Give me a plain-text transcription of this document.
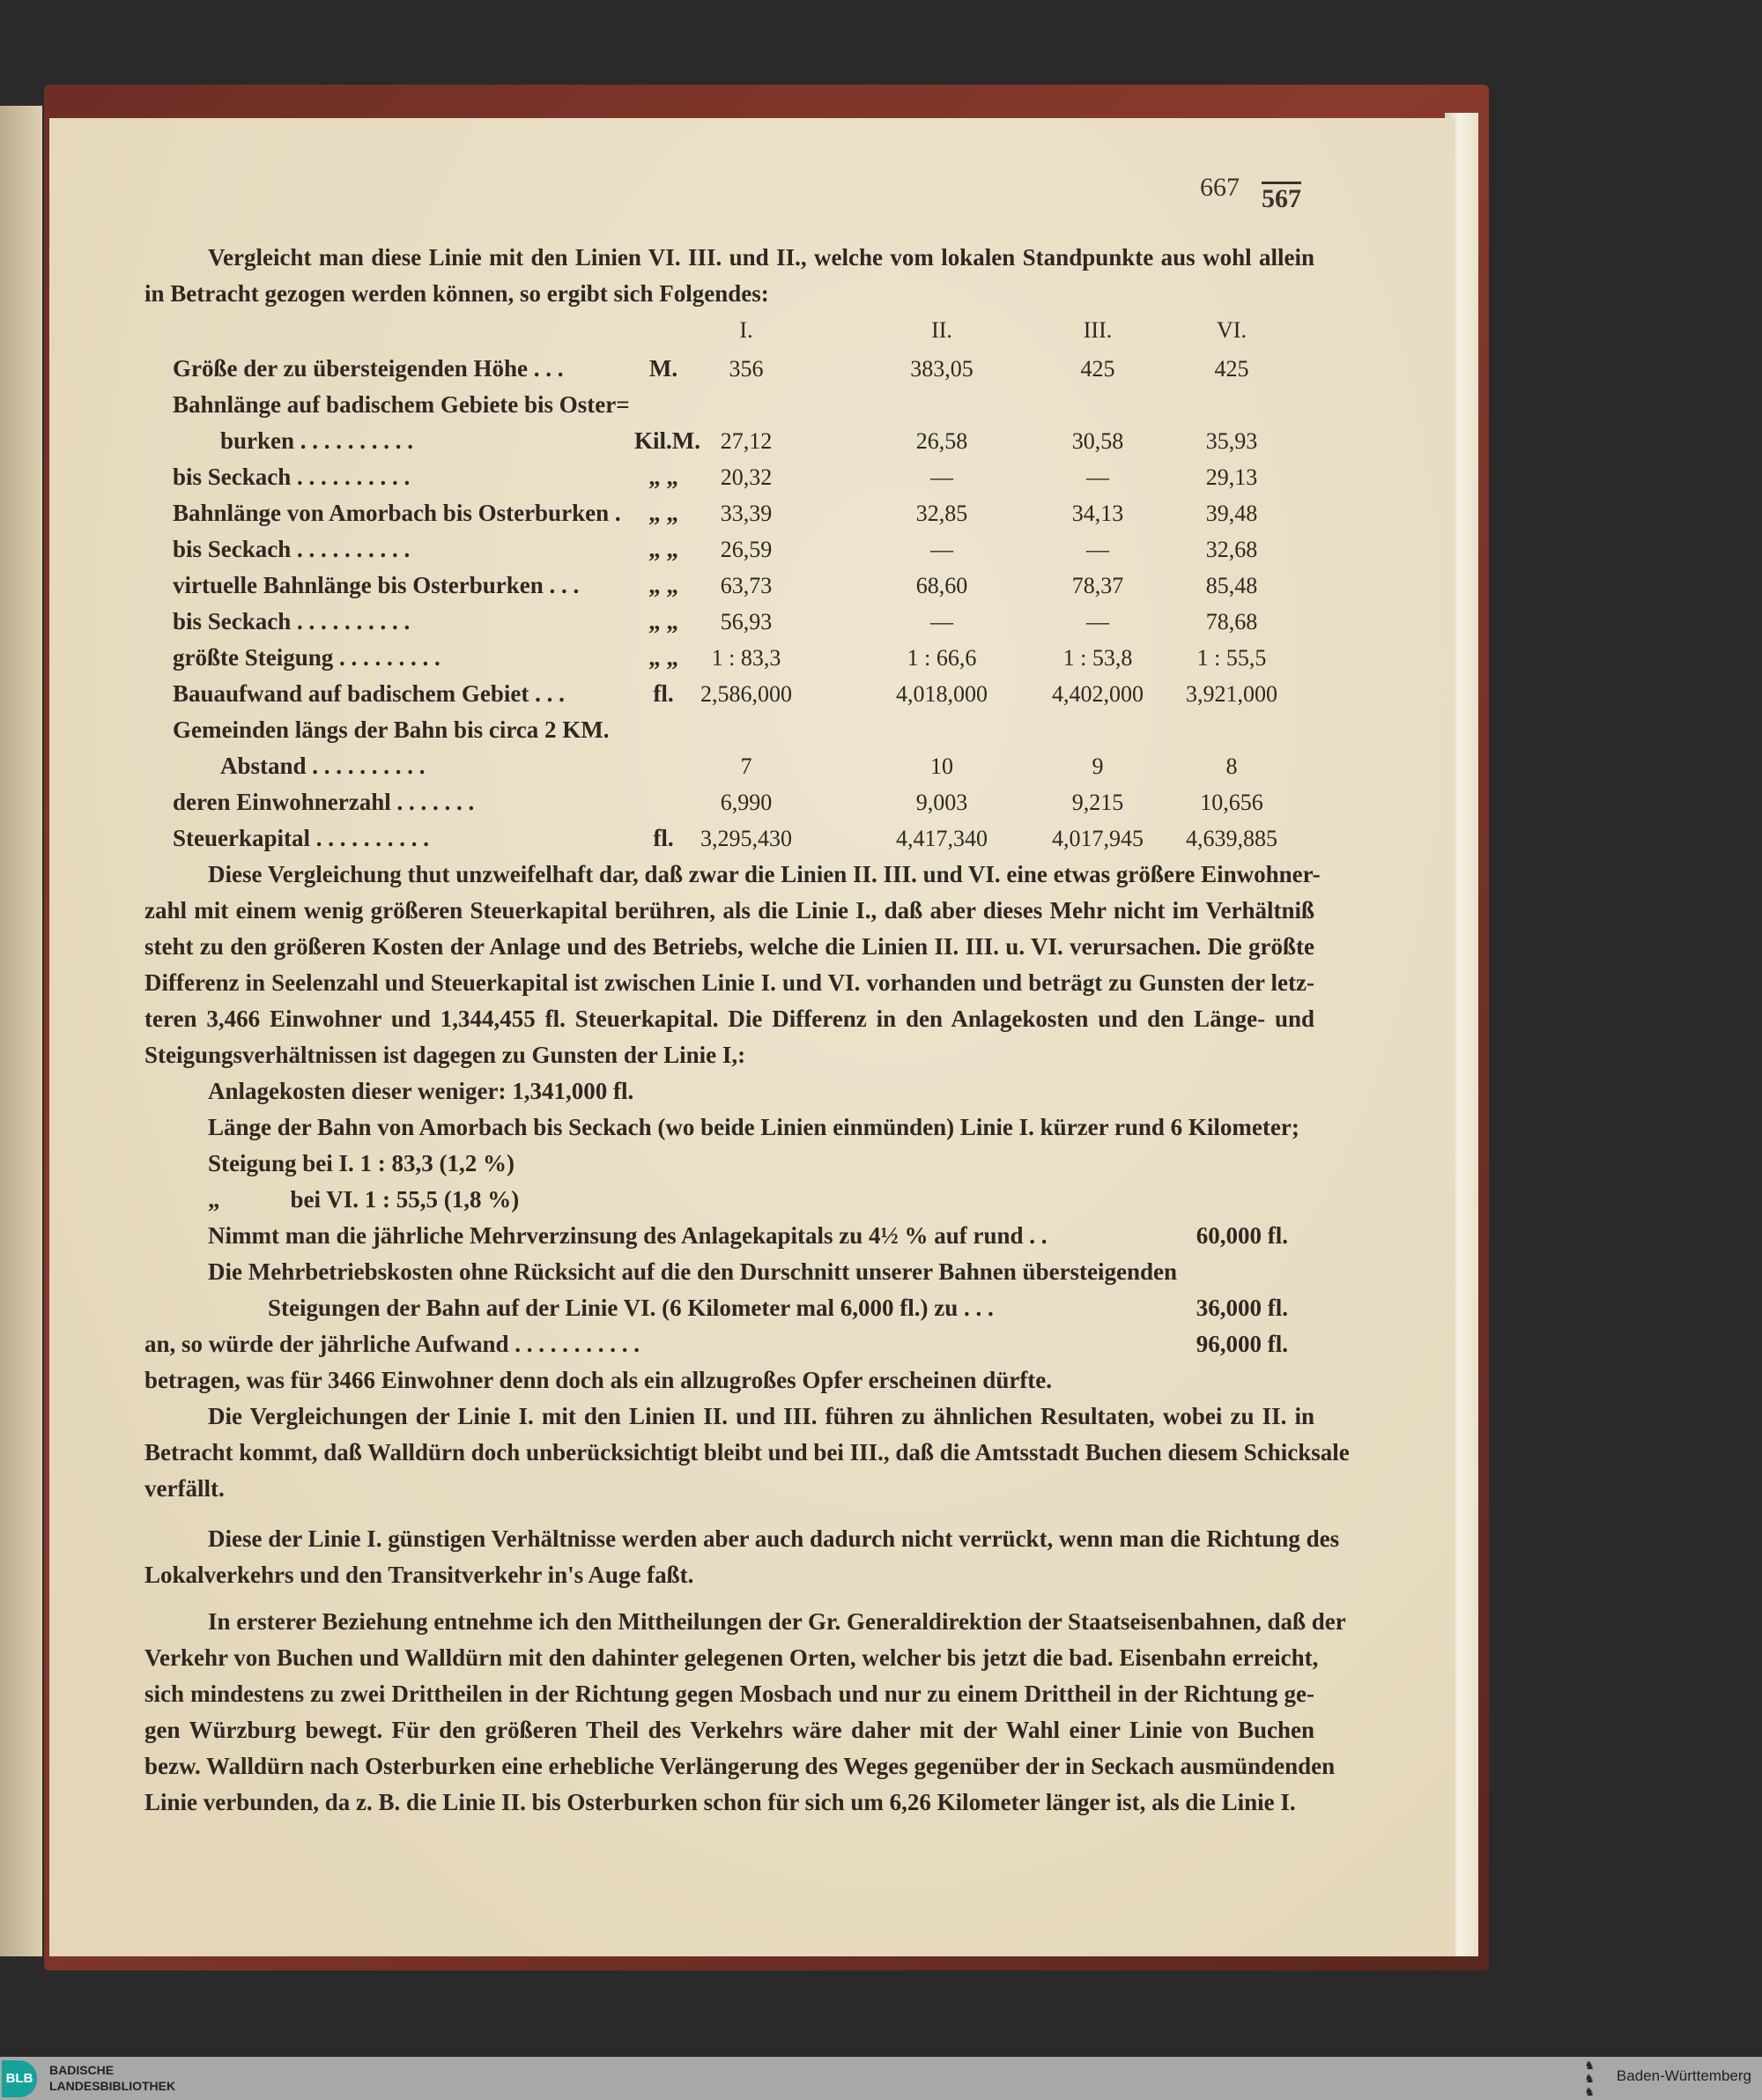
667 567
Vergleicht man diese Linie mit den Linien VI. III. und II., welche vom lokalen Standpunkte aus wohl allein
in Betracht gezogen werden können, so ergibt sich Folgendes:
I.	II.	III.	VI.
Größe der zu übersteigenden Höhe . . .	M.	356	383,05	425	425
Bahnlänge auf badischem Gebiete bis Oster=
burken . . . . . . . . . .	Kil.M. 27,12	26,58	30,58	35,93
bis Seckach . . . . . . . . . .	„ „	20,32	—	—	29,13
Bahnlänge von Amorbach bis Osterburken .	„ „	33,39	32,85	34,13	39,48
bis Seckach . . . . . . . . . .	„ „	26,59	—	—	32,68
virtuelle Bahnlänge bis Osterburken . . .	„ „	63,73	68,60	78,37	85,48
bis Seckach . . . . . . . . . .	„ „	56,93	—	—	78,68
größte Steigung . . . . . . . . .	„ „	1 : 83,3	1 : 66,6	1 : 53,8	1 : 55,5
Bauaufwand auf badischem Gebiet . . .	fl.	2,586,000	4,018,000	4,402,000 3,921,000
Gemeinden längs der Bahn bis circa 2 KM.
Abstand . . . . . . . . . .	7	10	9	8
deren Einwohnerzahl . . . . . . .	6,990	9,003	9,215	10,656
Steuerkapital . . . . . . . . . .	fl.	3,295,430	4,417,340	4,017,945 4,639,885
Diese Vergleichung thut unzweifelhaft dar, daß zwar die Linien II. III. und VI. eine etwas größere Einwohner-
zahl mit einem wenig größeren Steuerkapital berühren, als die Linie I., daß aber dieses Mehr nicht im Verhältniß
steht zu den größeren Kosten der Anlage und des Betriebs, welche die Linien II. III. u. VI. verursachen. Die größte
Differenz in Seelenzahl und Steuerkapital ist zwischen Linie I. und VI. vorhanden und beträgt zu Gunsten der letz-
teren 3,466 Einwohner und 1,344,455 fl. Steuerkapital. Die Differenz in den Anlagekosten und den Länge- und
Steigungsverhältnissen ist dagegen zu Gunsten der Linie I,:
Anlagekosten dieser weniger: 1,341,000 fl.
Länge der Bahn von Amorbach bis Seckach (wo beide Linien einmünden) Linie I. kürzer rund 6 Kilometer;
Steigung bei I. 1 : 83,3 (1,2 %)
„	bei VI. 1 : 55,5 (1,8 %)
Nimmt man die jährliche Mehrverzinsung des Anlagekapitals zu 4½ % auf rund . .	60,000 fl.
Die Mehrbetriebskosten ohne Rücksicht auf die den Durschnitt unserer Bahnen übersteigenden
Steigungen der Bahn auf der Linie VI. (6 Kilometer mal 6,000 fl.) zu . . .	36,000 fl.
an, so würde der jährliche Aufwand . . . . . . . . . . .	96,000 fl.
betragen, was für 3466 Einwohner denn doch als ein allzugroßes Opfer erscheinen dürfte.
Die Vergleichungen der Linie I. mit den Linien II. und III. führen zu ähnlichen Resultaten, wobei zu II. in
Betracht kommt, daß Walldürn doch unberücksichtigt bleibt und bei III., daß die Amtsstadt Buchen diesem Schicksale
verfällt.
Diese der Linie I. günstigen Verhältnisse werden aber auch dadurch nicht verrückt, wenn man die Richtung des
Lokalverkehrs und den Transitverkehr in's Auge faßt.
In ersterer Beziehung entnehme ich den Mittheilungen der Gr. Generaldirektion der Staatseisenbahnen, daß der
Verkehr von Buchen und Walldürn mit den dahinter gelegenen Orten, welcher bis jetzt die bad. Eisenbahn erreicht,
sich mindestens zu zwei Drittheilen in der Richtung gegen Mosbach und nur zu einem Drittheil in der Richtung ge-
gen Würzburg bewegt. Für den größeren Theil des Verkehrs wäre daher mit der Wahl einer Linie von Buchen
bezw. Walldürn nach Osterburken eine erhebliche Verlängerung des Weges gegenüber der in Seckach ausmündenden
Linie verbunden, da z. B. die Linie II. bis Osterburken schon für sich um 6,26 Kilometer länger ist, als die Linie I.
BLB
BADISCHE
LANDESBIBLIOTHEK
♞
♞
♞
Baden-Württemberg
